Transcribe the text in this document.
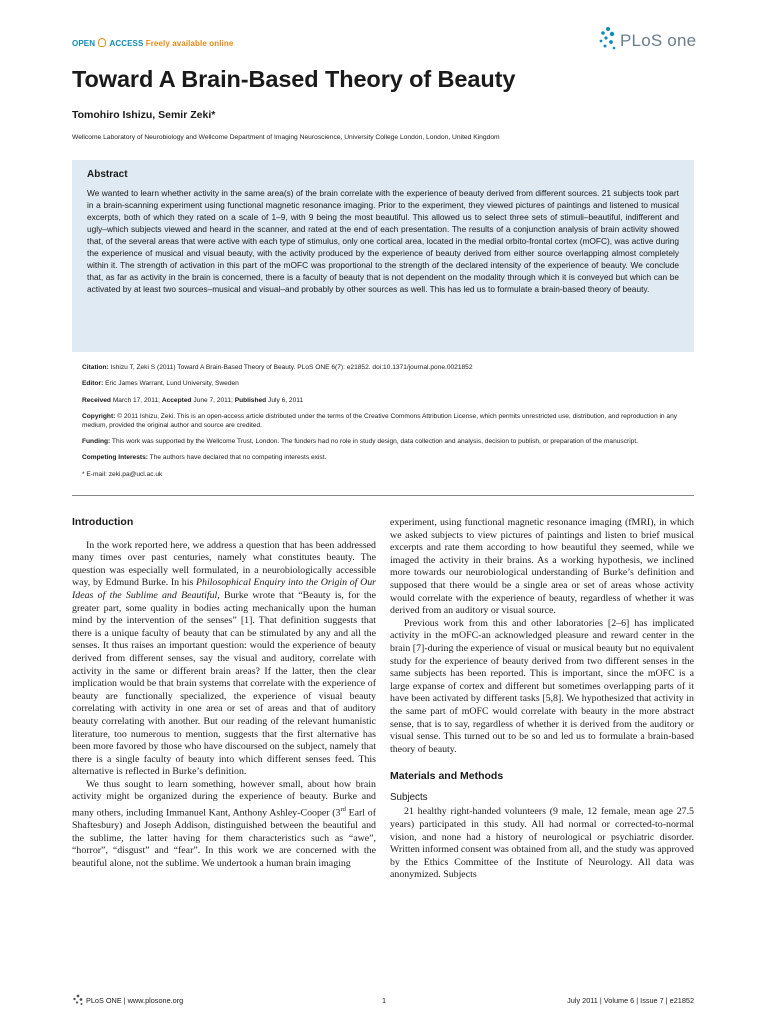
OPEN ACCESS Freely available online	PLoS one
Toward A Brain-Based Theory of Beauty
Tomohiro Ishizu, Semir Zeki*
Wellcome Laboratory of Neurobiology and Wellcome Department of Imaging Neuroscience, University College London, London, United Kingdom
Abstract
We wanted to learn whether activity in the same area(s) of the brain correlate with the experience of beauty derived from different sources. 21 subjects took part in a brain-scanning experiment using functional magnetic resonance imaging. Prior to the experiment, they viewed pictures of paintings and listened to musical excerpts, both of which they rated on a scale of 1–9, with 9 being the most beautiful. This allowed us to select three sets of stimuli–beautiful, indifferent and ugly–which subjects viewed and heard in the scanner, and rated at the end of each presentation. The results of a conjunction analysis of brain activity showed that, of the several areas that were active with each type of stimulus, only one cortical area, located in the medial orbito-frontal cortex (mOFC), was active during the experience of musical and visual beauty, with the activity produced by the experience of beauty derived from either source overlapping almost completely within it. The strength of activation in this part of the mOFC was proportional to the strength of the declared intensity of the experience of beauty. We conclude that, as far as activity in the brain is concerned, there is a faculty of beauty that is not dependent on the modality through which it is conveyed but which can be activated by at least two sources–musical and visual–and probably by other sources as well. This has led us to formulate a brain-based theory of beauty.

Citation: Ishizu T, Zeki S (2011) Toward A Brain-Based Theory of Beauty. PLoS ONE 6(7): e21852. doi:10.1371/journal.pone.0021852

Editor: Eric James Warrant, Lund University, Sweden

Received March 17, 2011; Accepted June 7, 2011; Published July 6, 2011

Copyright: © 2011 Ishizu, Zeki. This is an open-access article distributed under the terms of the Creative Commons Attribution License, which permits unrestricted use, distribution, and reproduction in any medium, provided the original author and source are credited.

Funding: This work was supported by the Wellcome Trust, London. The funders had no role in study design, data collection and analysis, decision to publish, or preparation of the manuscript.

Competing Interests: The authors have declared that no competing interests exist.

* E-mail: zeki.pa@ucl.ac.uk

Introduction

In the work reported here, we address a question that has been addressed many times over past centuries, namely what constitutes beauty. The question was especially well formulated, in a neurobiologically accessible way, by Edmund Burke. In his Philosophical Enquiry into the Origin of Our Ideas of the Sublime and Beautiful, Burke wrote that “Beauty is, for the greater part, some quality in bodies acting mechanically upon the human mind by the intervention of the senses” [1]. That definition suggests that there is a unique faculty of beauty that can be stimulated by any and all the senses. It thus raises an important question: would the experience of beauty derived from different senses, say the visual and auditory, correlate with activity in the same or different brain areas? If the latter, then the clear implication would be that brain systems that correlate with the experience of beauty are functionally specialized, the experience of visual beauty correlating with activity in one area or set of areas and that of auditory beauty correlating with another. But our reading of the relevant humanistic literature, too numerous to mention, suggests that the first alternative has been more favored by those who have discoursed on the subject, namely that there is a single faculty of beauty into which different senses feed. This alternative is reflected in Burke’s definition.

We thus sought to learn something, however small, about how brain activity might be organized during the experience of beauty. Burke and many others, including Immanuel Kant, Anthony Ashley-Cooper (3rd Earl of Shaftesbury) and Joseph Addison, distinguished between the beautiful and the sublime, the latter having for them characteristics such as “awe”, “horror”, “disgust” and “fear”. In this work we are concerned with the beautiful alone, not the sublime. We undertook a human brain imaging

experiment, using functional magnetic resonance imaging (fMRI), in which we asked subjects to view pictures of paintings and listen to brief musical excerpts and rate them according to how beautiful they seemed, while we imaged the activity in their brains. As a working hypothesis, we inclined more towards our neurobiological understanding of Burke’s definition and supposed that there would be a single area or set of areas whose activity would correlate with the experience of beauty, regardless of whether it was derived from an auditory or visual source.

Previous work from this and other laboratories [2–6] has implicated activity in the mOFC-an acknowledged pleasure and reward center in the brain [7]-during the experience of visual or musical beauty but no equivalent study for the experience of beauty derived from two different senses in the same subjects has been reported. This is important, since the mOFC is a large expanse of cortex and different but sometimes overlapping parts of it have been activated by different tasks [5,8]. We hypothesized that activity in the same part of mOFC would correlate with beauty in the more abstract sense, that is to say, regardless of whether it is derived from the auditory or visual sense. This turned out to be so and led us to formulate a brain-based theory of beauty.

Materials and Methods
Subjects

21 healthy right-handed volunteers (9 male, 12 female, mean age 27.5 years) participated in this study. All had normal or corrected-to-normal vision, and none had a history of neurological or psychiatric disorder. Written informed consent was obtained from all, and the study was approved by the Ethics Committee of the Institute of Neurology. All data was anonymized. Subjects

PLoS ONE | www.plosone.org	1	July 2011 | Volume 6 | Issue 7 | e21852
